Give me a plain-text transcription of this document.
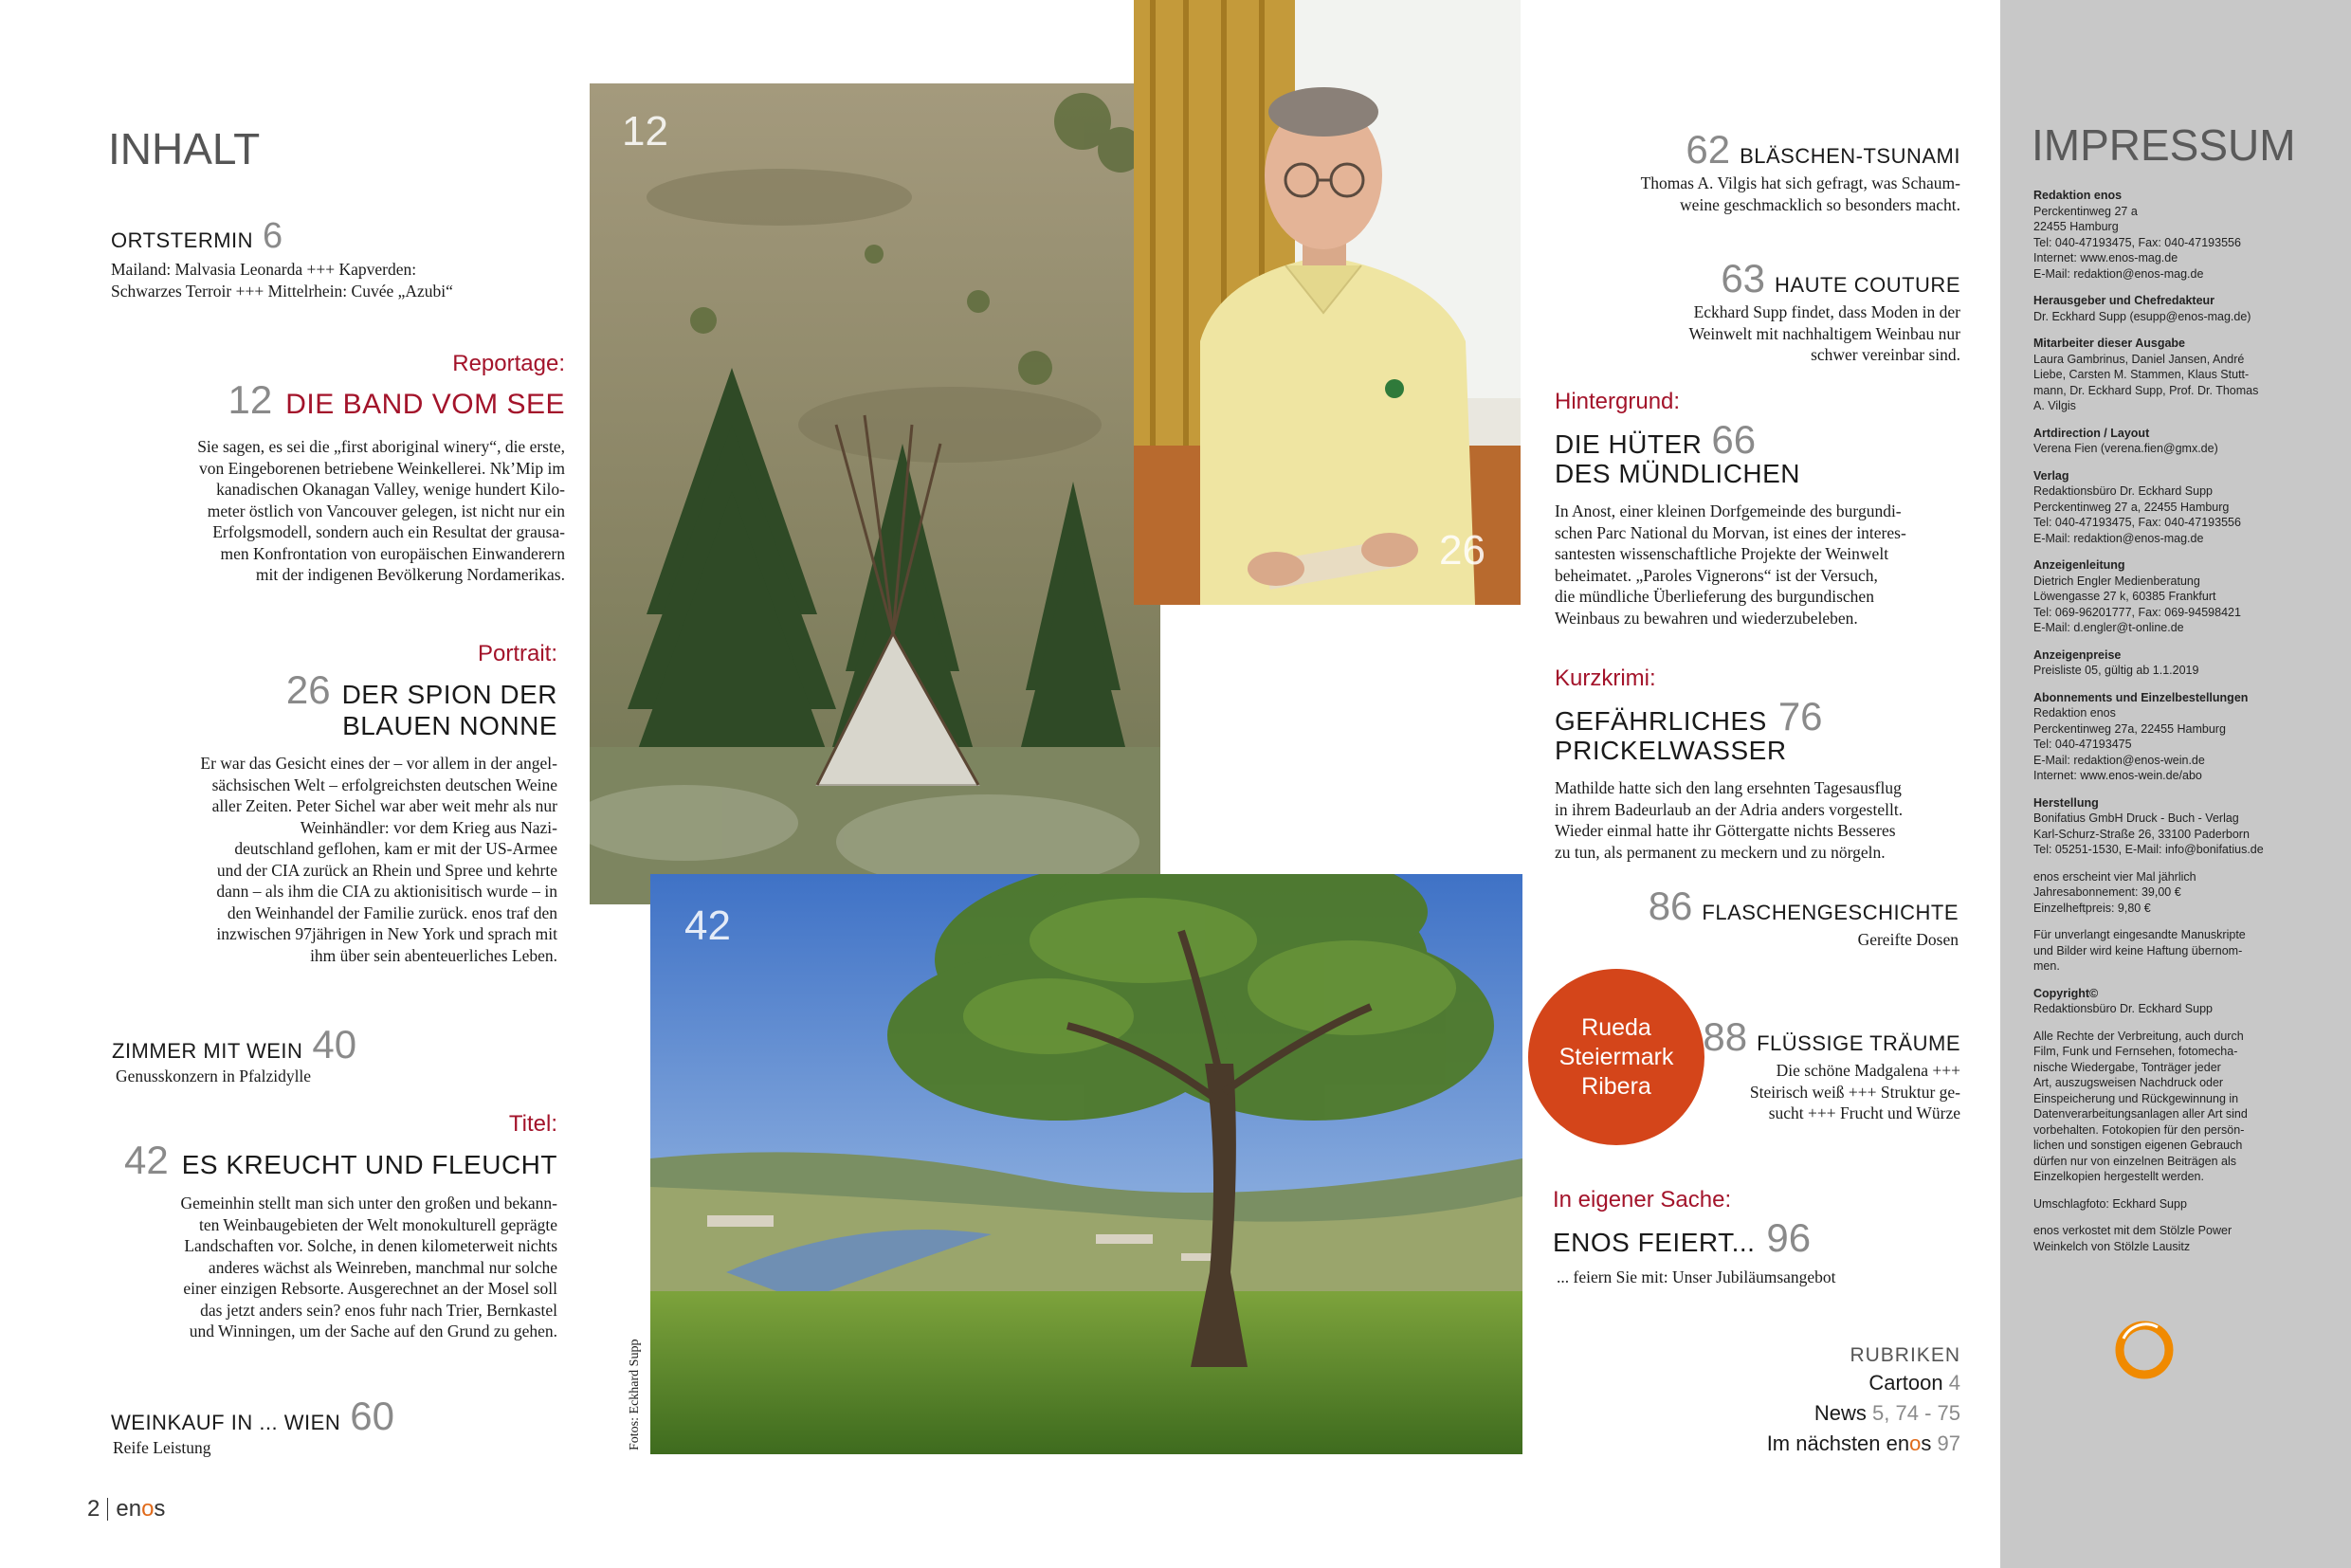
INHALT
ORTSTERMIN 6
Mailand: Malvasia Leonarda +++ Kapverden:
Schwarzes Terroir +++ Mittelrhein: Cuvée „Azubi“
Reportage:
12 DIE BAND VOM SEE
Sie sagen, es sei die „first aboriginal winery“, die erste,
von Eingeborenen betriebene Weinkellerei. Nk’Mip im
kanadischen Okanagan Valley, wenige hundert Kilo-
meter östlich von Vancouver gelegen, ist nicht nur ein
Erfolgsmodell, sondern auch ein Resultat der grausa-
men Konfrontation von europäischen Einwanderern
mit der indigenen Bevölkerung Nordamerikas.
Portrait:
26 DER SPION DER
BLAUEN NONNE
Er war das Gesicht eines der – vor allem in der angel-
sächsischen Welt – erfolgreichsten deutschen Weine
aller Zeiten. Peter Sichel war aber weit mehr als nur
Weinhändler: vor dem Krieg aus Nazi-
deutschland geflohen, kam er mit der US-Armee
und der CIA zurück an Rhein und Spree und kehrte
dann – als ihm die CIA zu aktionisitisch wurde – in
den Weinhandel der Familie zurück. enos traf den
inzwischen 97jährigen in New York und sprach mit
ihm über sein abenteuerliches Leben.
ZIMMER MIT WEIN 40
Genusskonzern in Pfalzidylle
Titel:
42 ES KREUCHT UND FLEUCHT
Gemeinhin stellt man sich unter den großen und bekann-
ten Weinbaugebieten der Welt monokulturell geprägte
Landschaften vor. Solche, in denen kilometerweit nichts
anderes wächst als Weinreben, manchmal nur solche
einer einzigen Rebsorte. Ausgerechnet an der Mosel soll
das jetzt anders sein? enos fuhr nach Trier, Bernkastel
und Winningen, um der Sache auf den Grund zu gehen.
WEINKAUF IN ... WIEN 60
Reife Leistung
2 enos
12
26
42
Fotos: Eckhard Supp
62 BLÄSCHEN-TSUNAMI
Thomas A. Vilgis hat sich gefragt, was Schaum-
weine geschmacklich so besonders macht.
63 HAUTE COUTURE
Eckhard Supp findet, dass Moden in der
Weinwelt mit nachhaltigem Weinbau nur
schwer vereinbar sind.
Hintergrund:
DIE HÜTER 66
DES MÜNDLICHEN
In Anost, einer kleinen Dorfgemeinde des burgundi-
schen Parc National du Morvan, ist eines der interes-
santesten wissenschaftliche Projekte der Weinwelt
beheimatet. „Paroles Vignerons“ ist der Versuch,
die mündliche Überlieferung des burgundischen
Weinbaus zu bewahren und wiederzubeleben.
Kurzkrimi:
GEFÄHRLICHES 76
PRICKELWASSER
Mathilde hatte sich den lang ersehnten Tagesausflug
in ihrem Badeurlaub an der Adria anders vorgestellt.
Wieder einmal hatte ihr Göttergatte nichts Besseres
zu tun, als permanent zu meckern und zu nörgeln.
86 FLASCHENGESCHICHTE
Gereifte Dosen
Rueda
Steiermark
Ribera
88 FLÜSSIGE TRÄUME
Die schöne Madgalena +++
Steirisch weiß +++ Struktur ge-
sucht +++ Frucht und Würze
In eigener Sache:
ENOS FEIERT... 96
... feiern Sie mit: Unser Jubiläumsangebot
RUBRIKEN
Cartoon 4
News 5, 74 - 75
Im nächsten enos 97
IMPRESSUM
Redaktion enos
Perckentinweg 27 a
22455 Hamburg
Tel: 040-47193475, Fax: 040-47193556
Internet: www.enos-mag.de
E-Mail: redaktion@enos-mag.de
Herausgeber und Chefredakteur
Dr. Eckhard Supp (esupp@enos-mag.de)
Mitarbeiter dieser Ausgabe
Laura Gambrinus, Daniel Jansen, André
Liebe, Carsten M. Stammen, Klaus Stutt-
mann, Dr. Eckhard Supp, Prof. Dr. Thomas
A. Vilgis
Artdirection / Layout
Verena Fien (verena.fien@gmx.de)
Verlag
Redaktionsbüro Dr. Eckhard Supp
Perckentinweg 27 a, 22455 Hamburg
Tel: 040-47193475, Fax: 040-47193556
E-Mail: redaktion@enos-mag.de
Anzeigenleitung
Dietrich Engler Medienberatung
Löwengasse 27 k, 60385 Frankfurt
Tel: 069-96201777, Fax: 069-94598421
E-Mail: d.engler@t-online.de
Anzeigenpreise
Preisliste 05, gültig ab 1.1.2019
Abonnements und Einzelbestellungen
Redaktion enos
Perckentinweg 27a, 22455 Hamburg
Tel: 040-47193475
E-Mail: redaktion@enos-wein.de
Internet: www.enos-wein.de/abo
Herstellung
Bonifatius GmbH Druck - Buch - Verlag
Karl-Schurz-Straße 26, 33100 Paderborn
Tel: 05251-1530, E-Mail: info@bonifatius.de
enos erscheint vier Mal jährlich
Jahresabonnement: 39,00 €
Einzelheftpreis: 9,80 €
Für unverlangt eingesandte Manuskripte
und Bilder wird keine Haftung übernom-
men.
Copyright©
Redaktionsbüro Dr. Eckhard Supp
Alle Rechte der Verbreitung, auch durch
Film, Funk und Fernsehen, fotomecha-
nische Wiedergabe, Tonträger jeder
Art, auszugsweisen Nachdruck oder
Einspeicherung und Rückgewinnung in
Datenverarbeitungsanlagen aller Art sind
vorbehalten. Fotokopien für den persön-
lichen und sonstigen eigenen Gebrauch
dürfen nur von einzelnen Beiträgen als
Einzelkopien hergestellt werden.
Umschlagfoto: Eckhard Supp
enos verkostet mit dem Stölzle Power
Weinkelch von Stölzle Lausitz
